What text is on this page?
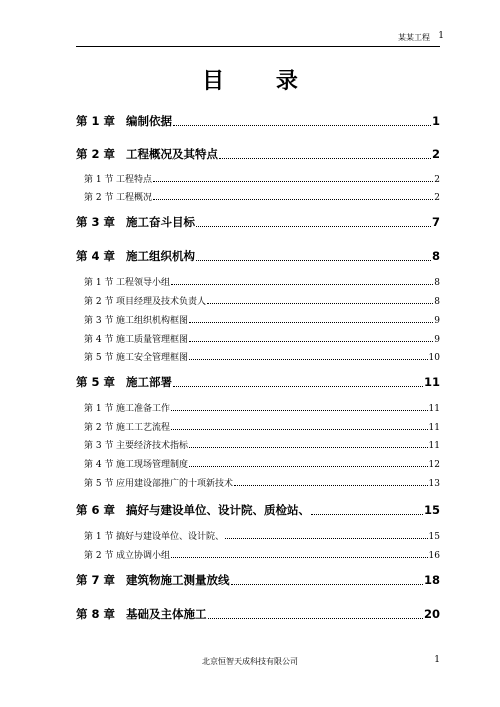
某某工程 1
目 录
第 1 章 编制依据	1
第 2 章 工程概况及其特点	2
第 1 节 工程特点	2
第 2 节 工程概况	2
第 3 章 施工奋斗目标	7
第 4 章 施工组织机构	8
第 1 节 工程领导小组	8
第 2 节 项目经理及技术负责人	8
第 3 节 施工组织机构框图	9
第 4 节 施工质量管理框图	9
第 5 节 施工安全管理框图	10
第 5 章 施工部署	11
第 1 节 施工准备工作	11
第 2 节 施工工艺流程	11
第 3 节 主要经济技术指标	11
第 4 节 施工现场管理制度	12
第 5 节 应用建设部推广的十项新技术	13
第 6 章 搞好与建设单位、设计院、质检站、	15
第 1 节 搞好与建设单位、设计院、	15
第 2 节 成立协调小组	16
第 7 章 建筑物施工测量放线	18
第 8 章 基础及主体施工	20
北京恒智天成科技有限公司	1
